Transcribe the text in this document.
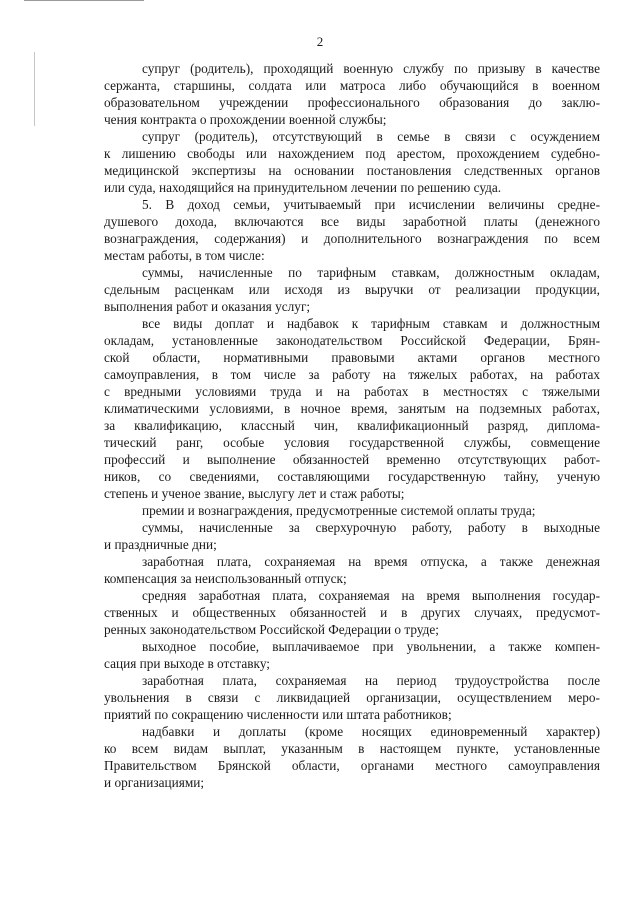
2
супруг (родитель), проходящий военную службу по призыву в качестве
сержанта, старшины, солдата или матроса либо обучающийся в военном
образовательном учреждении профессионального образования до заклю-
чения контракта о прохождении военной службы;
супруг (родитель), отсутствующий в семье в связи с осуждением
к лишению свободы или нахождением под арестом, прохождением судебно-
медицинской экспертизы на основании постановления следственных органов
или суда, находящийся на принудительном лечении по решению суда.
5. В доход семьи, учитываемый при исчислении величины средне-
душевого дохода, включаются все виды заработной платы (денежного
вознаграждения, содержания) и дополнительного вознаграждения по всем
местам работы, в том числе:
суммы, начисленные по тарифным ставкам, должностным окладам,
сдельным расценкам или исходя из выручки от реализации продукции,
выполнения работ и оказания услуг;
все виды доплат и надбавок к тарифным ставкам и должностным
окладам, установленные законодательством Российской Федерации, Брян-
ской области, нормативными правовыми актами органов местного
самоуправления, в том числе за работу на тяжелых работах, на работах
с вредными условиями труда и на работах в местностях с тяжелыми
климатическими условиями, в ночное время, занятым на подземных работах,
за квалификацию, классный чин, квалификационный разряд, диплома-
тический ранг, особые условия государственной службы, совмещение
профессий и выполнение обязанностей временно отсутствующих работ-
ников, со сведениями, составляющими государственную тайну, ученую
степень и ученое звание, выслугу лет и стаж работы;
премии и вознаграждения, предусмотренные системой оплаты труда;
суммы, начисленные за сверхурочную работу, работу в выходные
и праздничные дни;
заработная плата, сохраняемая на время отпуска, а также денежная
компенсация за неиспользованный отпуск;
средняя заработная плата, сохраняемая на время выполнения государ-
ственных и общественных обязанностей и в других случаях, предусмот-
ренных законодательством Российской Федерации о труде;
выходное пособие, выплачиваемое при увольнении, а также компен-
сация при выходе в отставку;
заработная плата, сохраняемая на период трудоустройства после
увольнения в связи с ликвидацией организации, осуществлением меро-
приятий по сокращению численности или штата работников;
надбавки и доплаты (кроме носящих единовременный характер)
ко всем видам выплат, указанным в настоящем пункте, установленные
Правительством Брянской области, органами местного самоуправления
и организациями;
